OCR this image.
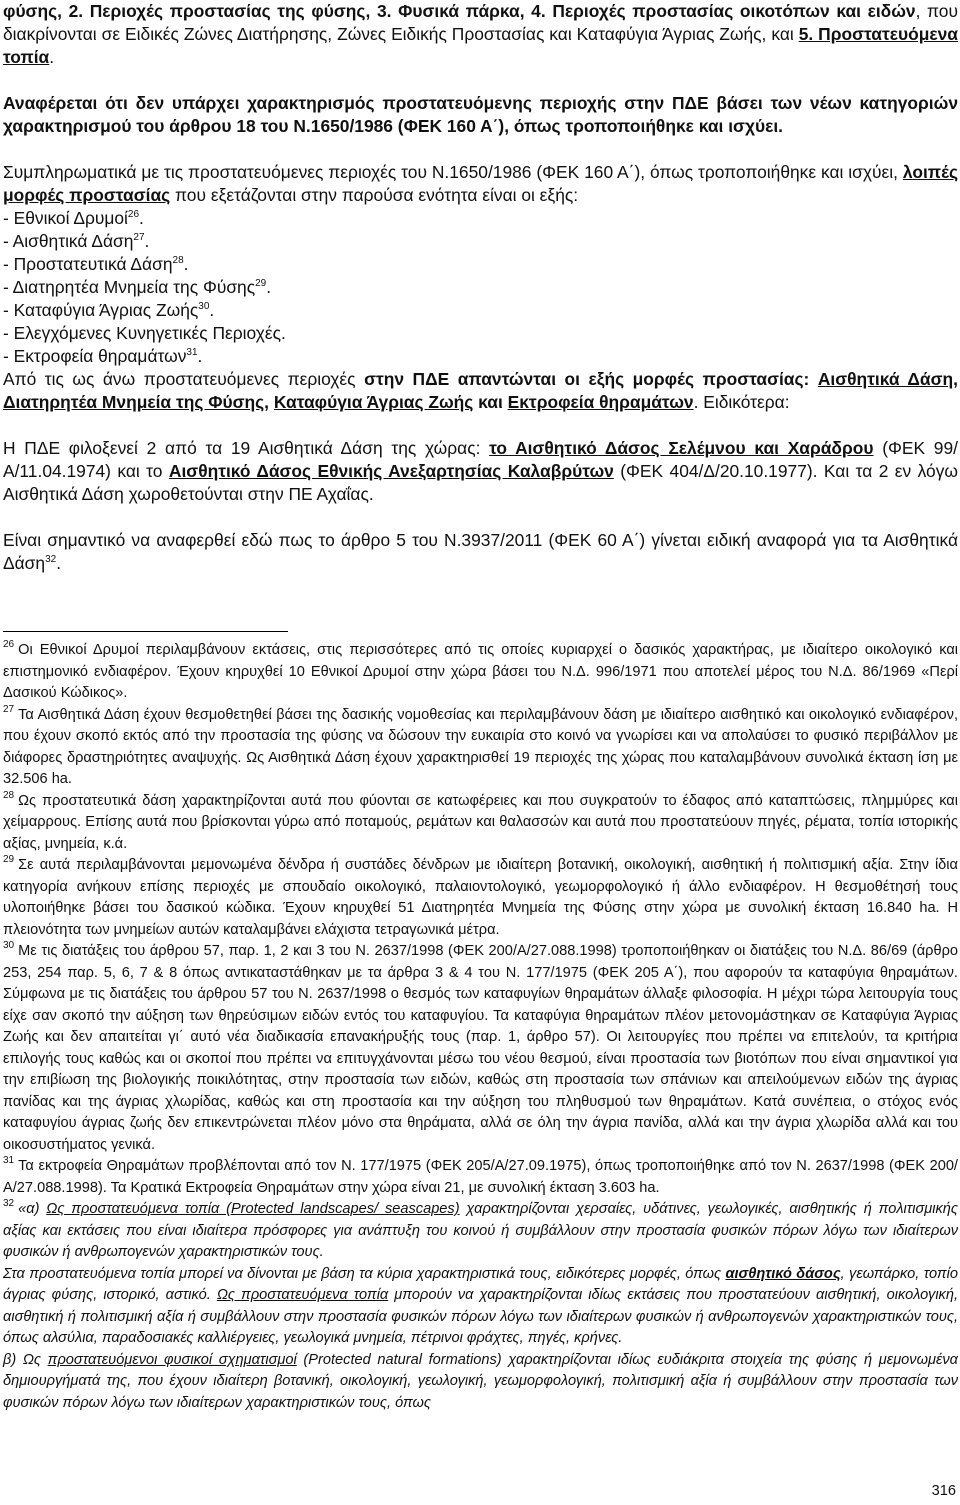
φύσης, 2. Περιοχές προστασίας της φύσης, 3. Φυσικά πάρκα, 4. Περιοχές προστασίας οικοτόπων και ειδών, που διακρίνονται σε Ειδικές Ζώνες Διατήρησης, Ζώνες Ειδικής Προστασίας και Καταφύγια Άγριας Ζωής, και 5. Προστατευόμενα τοπία.

Αναφέρεται ότι δεν υπάρχει χαρακτηρισμός προστατευόμενης περιοχής στην ΠΔΕ βάσει των νέων κατηγοριών χαρακτηρισμού του άρθρου 18 του Ν.1650/1986 (ΦΕΚ 160 Α΄), όπως τροποποιήθηκε και ισχύει.

Συμπληρωματικά με τις προστατευόμενες περιοχές του Ν.1650/1986 (ΦΕΚ 160 Α΄), όπως τροποποιήθηκε και ισχύει, λοιπές μορφές προστασίας που εξετάζονται στην παρούσα ενότητα είναι οι εξής:

- Εθνικοί Δρυμοί$^{26}$.
- Αισθητικά Δάση$^{27}$.
- Προστατευτικά Δάση$^{28}$.
- Διατηρητέα Μνημεία της Φύσης$^{29}$.
- Καταφύγια Άγριας Ζωής$^{30}$.
- Ελεγχόμενες Κυνηγετικές Περιοχές.
- Εκτροφεία θηραμάτων$^{31}$.

Από τις ως άνω προστατευόμενες περιοχές στην ΠΔΕ απαντώνται οι εξής μορφές προστασίας: Αισθητικά Δάση, Διατηρητέα Μνημεία της Φύσης, Καταφύγια Άγριας Ζωής και Εκτροφεία θηραμάτων. Ειδικότερα:

Η ΠΔΕ φιλοξενεί 2 από τα 19 Αισθητικά Δάση της χώρας: το Αισθητικό Δάσος Σελέμνου και Χαράδρου (ΦΕΚ 99/Α/11.04.1974) και το Αισθητικό Δάσος Εθνικής Ανεξαρτησίας Καλαβρύτων (ΦΕΚ 404/Δ/20.10.1977). Και τα 2 εν λόγω Αισθητικά Δάση χωροθετούνται στην ΠΕ Αχαΐας.

Είναι σημαντικό να αναφερθεί εδώ πως το άρθρο 5 του Ν.3937/2011 (ΦΕΚ 60 Α΄) γίνεται ειδική αναφορά για τα Αισθητικά Δάση$^{32}$.

$^{26}$ Οι Εθνικοί Δρυμοί περιλαμβάνουν εκτάσεις, στις περισσότερες από τις οποίες κυριαρχεί ο δασικός χαρακτήρας, με ιδιαίτερο οικολογικό και επιστημονικό ενδιαφέρον. Έχουν κηρυχθεί 10 Εθνικοί Δρυμοί στην χώρα βάσει του Ν.Δ. 996/1971 που αποτελεί μέρος του Ν.Δ. 86/1969 «Περί Δασικού Κώδικος».

$^{27}$ Τα Αισθητικά Δάση έχουν θεσμοθετηθεί βάσει της δασικής νομοθεσίας και περιλαμβάνουν δάση με ιδιαίτερο αισθητικό και οικολογικό ενδιαφέρον, που έχουν σκοπό εκτός από την προστασία της φύσης να δώσουν την ευκαιρία στο κοινό να γνωρίσει και να απολαύσει το φυσικό περιβάλλον με διάφορες δραστηριότητες αναψυχής. Ως Αισθητικά Δάση έχουν χαρακτηρισθεί 19 περιοχές της χώρας που καταλαμβάνουν συνολικά έκταση ίση με 32.506 ha.

$^{28}$ Ως προστατευτικά δάση χαρακτηρίζονται αυτά που φύονται σε κατωφέρειες και που συγκρατούν το έδαφος από καταπτώσεις, πλημμύρες και χείμαρρους. Επίσης αυτά που βρίσκονται γύρω από ποταμούς, ρεμάτων και θαλασσών και αυτά που προστατεύουν πηγές, ρέματα, τοπία ιστορικής αξίας, μνημεία, κ.ά.

$^{29}$ Σε αυτά περιλαμβάνονται μεμονωμένα δένδρα ή συστάδες δένδρων με ιδιαίτερη βοτανική, οικολογική, αισθητική ή πολιτισμική αξία. Στην ίδια κατηγορία ανήκουν επίσης περιοχές με σπουδαίο οικολογικό, παλαιοντολογικό, γεωμορφολογικό ή άλλο ενδιαφέρον. Η θεσμοθέτησή τους υλοποιήθηκε βάσει του δασικού κώδικα. Έχουν κηρυχθεί 51 Διατηρητέα Μνημεία της Φύσης στην χώρα με συνολική έκταση 16.840 ha. Η πλειονότητα των μνημείων αυτών καταλαμβάνει ελάχιστα τετραγωνικά μέτρα.

$^{30}$ Με τις διατάξεις του άρθρου 57, παρ. 1, 2 και 3 του Ν. 2637/1998 (ΦΕΚ 200/Α/27.088.1998) τροποποιήθηκαν οι διατάξεις του Ν.Δ. 86/69 (άρθρο 253, 254 παρ. 5, 6, 7 & 8 όπως αντικαταστάθηκαν με τα άρθρα 3 & 4 του Ν. 177/1975 (ΦΕΚ 205 Α΄), που αφορούν τα καταφύγια θηραμάτων. Σύμφωνα με τις διατάξεις του άρθρου 57 του Ν. 2637/1998 ο θεσμός των καταφυγίων θηραμάτων άλλαξε φιλοσοφία. Η μέχρι τώρα λειτουργία τους είχε σαν σκοπό την αύξηση των θηρεύσιμων ειδών εντός του καταφυγίου. Τα καταφύγια θηραμάτων πλέον μετονομάστηκαν σε Καταφύγια Άγριας Ζωής και δεν απαιτείται γι΄ αυτό νέα διαδικασία επανακήρυξής τους (παρ. 1, άρθρο 57). Οι λειτουργίες που πρέπει να επιτελούν, τα κριτήρια επιλογής τους καθώς και οι σκοποί που πρέπει να επιτυγχάνονται μέσω του νέου θεσμού, είναι προστασία των βιοτόπων που είναι σημαντικοί για την επιβίωση της βιολογικής ποικιλότητας, στην προστασία των ειδών, καθώς στη προστασία των σπάνιων και απειλούμενων ειδών της άγριας πανίδας και της άγριας χλωρίδας, καθώς και στη προστασία και την αύξηση του πληθυσμού των θηραμάτων. Κατά συνέπεια, ο στόχος ενός καταφυγίου άγριας ζωής δεν επικεντρώνεται πλέον μόνο στα θηράματα, αλλά σε όλη την άγρια πανίδα, αλλά και την άγρια χλωρίδα αλλά και του οικοσυστήματος γενικά.

$^{31}$ Τα εκτροφεία Θηραμάτων προβλέπονται από τον Ν. 177/1975 (ΦΕΚ 205/Α/27.09.1975), όπως τροποποιήθηκε από τον Ν. 2637/1998 (ΦΕΚ 200/Α/27.088.1998). Τα Κρατικά Εκτροφεία Θηραμάτων στην χώρα είναι 21, με συνολική έκταση 3.603 ha.

$^{32}$ «α) Ως προστατευόμενα τοπία (Protected landscapes/ seascapes) χαρακτηρίζονται χερσαίες, υδάτινες, γεωλογικές, αισθητικής ή πολιτισμικής αξίας και εκτάσεις που είναι ιδιαίτερα πρόσφορες για ανάπτυξη του κοινού ή συμβάλλουν στην προστασία φυσικών πόρων λόγω των ιδιαίτερων φυσικών ή ανθρωπογενών χαρακτηριστικών τους.

Στα προστατευόμενα τοπία μπορεί να δίνονται με βάση τα κύρια χαρακτηριστικά τους, ειδικότερες μορφές, όπως αισθητικό δάσος, γεωπάρκο, τοπίο άγριας φύσης, ιστορικό, αστικό. Ως προστατευόμενα τοπία μπορούν να χαρακτηρίζονται ιδίως εκτάσεις που προστατεύουν αισθητική, οικολογική, αισθητική ή πολιτισμική αξία ή συμβάλλουν στην προστασία φυσικών πόρων λόγω των ιδιαίτερων φυσικών ή ανθρωπογενών χαρακτηριστικών τους, όπως αλσύλια, παραδοσιακές καλλιέργειες, γεωλογικά μνημεία, πέτρινοι φράχτες, πηγές, κρήνες.

β) Ως προστατευόμενοι φυσικοί σχηματισμοί (Protected natural formations) χαρακτηρίζονται ιδίως ευδιάκριτα στοιχεία της φύσης ή μεμονωμένα δημιουργήματά της, που έχουν ιδιαίτερη βοτανική, οικολογική, γεωλογική, γεωμορφολογική, πολιτισμική αξία ή συμβάλλουν στην προστασία των φυσικών πόρων λόγω των ιδιαίτερων χαρακτηριστικών τους, όπως

316
